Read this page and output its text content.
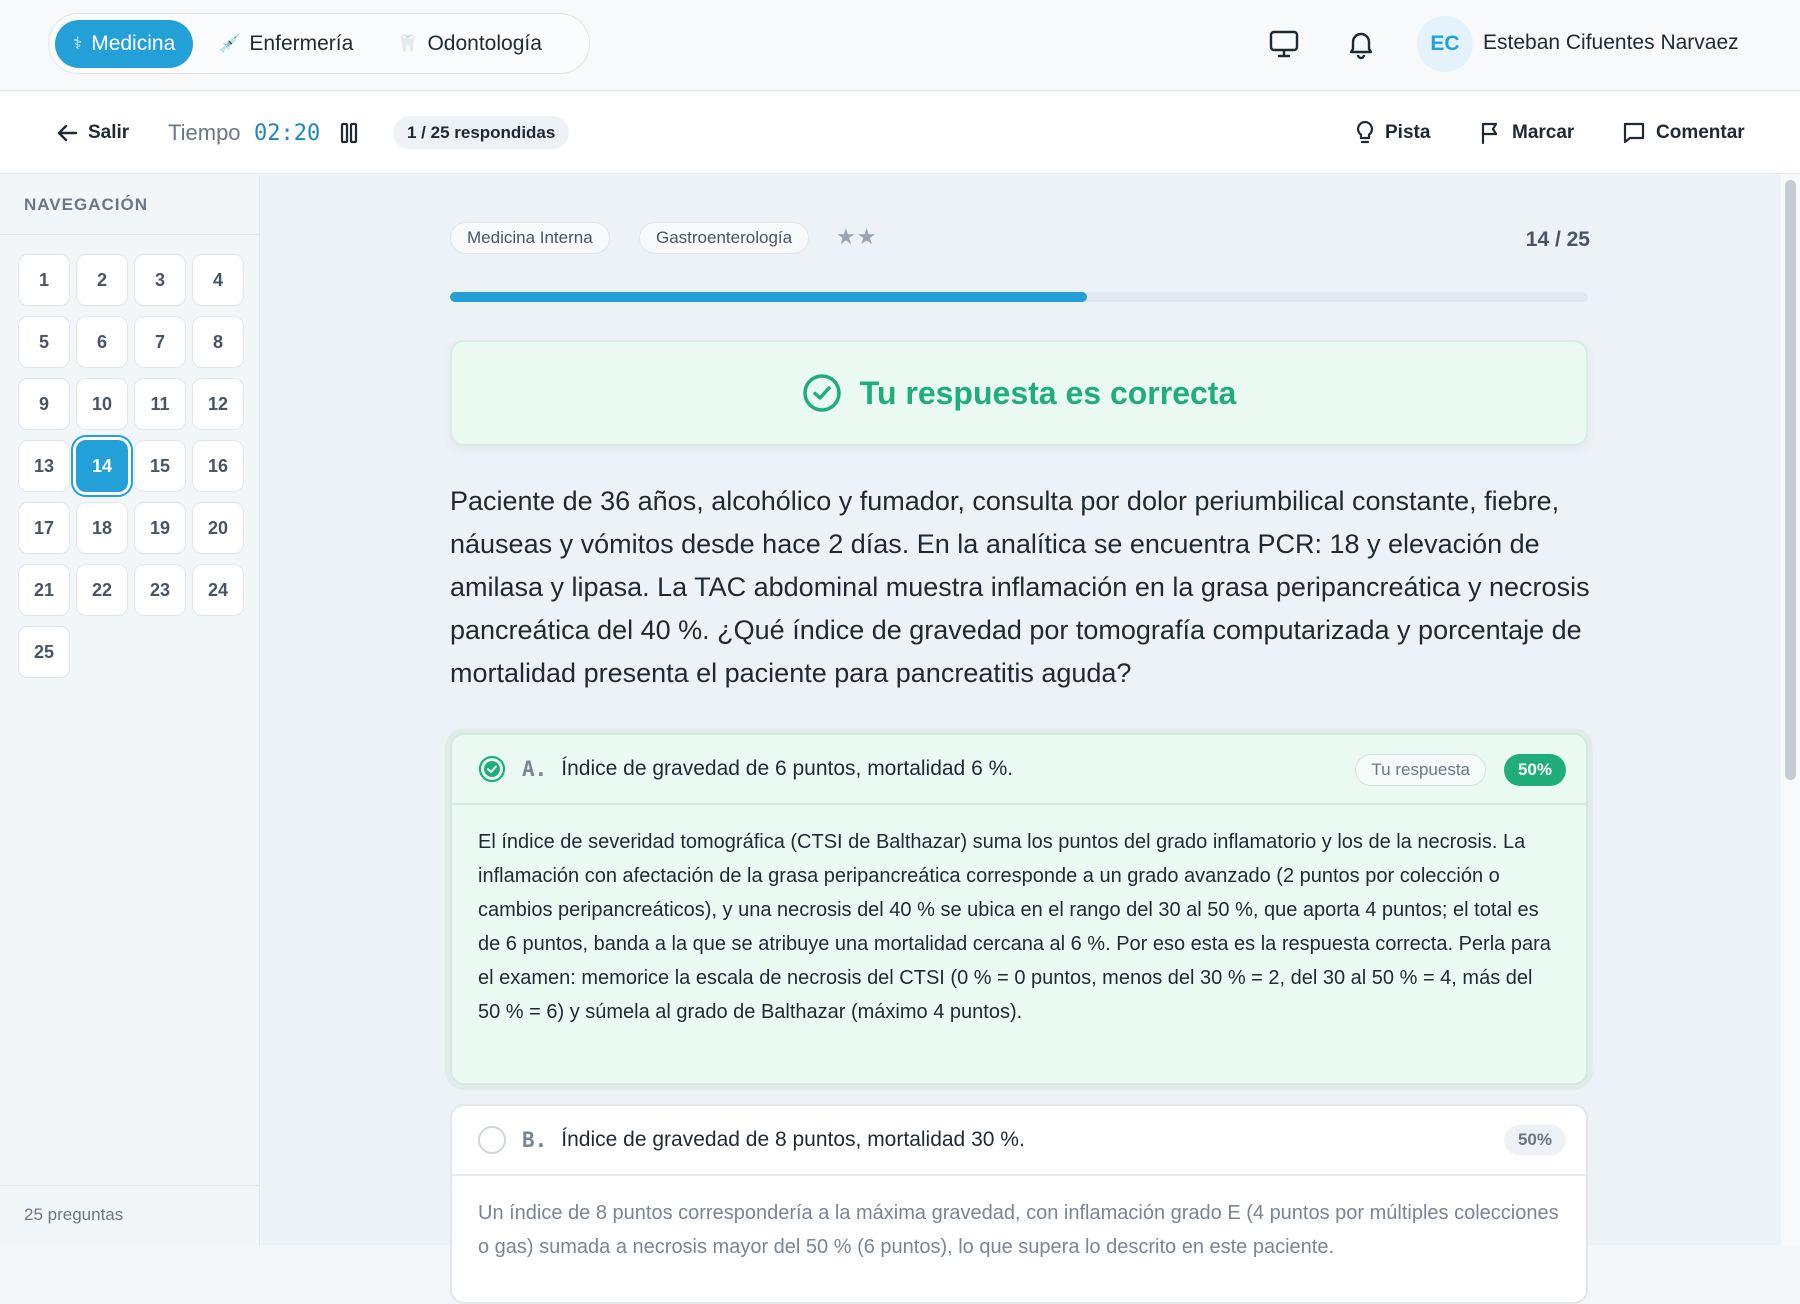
⚕ Medicina	💉 Enfermería	🦷 Odontología	EC	Esteban Cifuentes Narvaez
Salir Tiempo 02:20	1 / 25 respondidas	Pista	Marcar	Comentar
NAVEGACIÓN
1	2	3	4
5	6	7	8
9	10	11	12
13	14	15	16
17	18	19	20
21	22	23	24
25
25 preguntas
Medicina Interna	Gastroenterología	★★	14 / 25
Tu respuesta es correcta
Paciente de 36 años, alcohólico y fumador, consulta por dolor periumbilical constante, fiebre, náuseas y vómitos desde hace 2 días. En la analítica se encuentra PCR: 18 y elevación de amilasa y lipasa. La TAC abdominal muestra inflamación en la grasa peripancreática y necrosis pancreática del 40 %. ¿Qué índice de gravedad por tomografía computarizada y porcentaje de mortalidad presenta el paciente para pancreatitis aguda?
A. Índice de gravedad de 6 puntos, mortalidad 6 %.	Tu respuesta	50%
El índice de severidad tomográfica (CTSI de Balthazar) suma los puntos del grado inflamatorio y los de la necrosis. La inflamación con afectación de la grasa peripancreática corresponde a un grado avanzado (2 puntos por colección o cambios peripancreáticos), y una necrosis del 40 % se ubica en el rango del 30 al 50 %, que aporta 4 puntos; el total es de 6 puntos, banda a la que se atribuye una mortalidad cercana al 6 %. Por eso esta es la respuesta correcta. Perla para el examen: memorice la escala de necrosis del CTSI (0 % = 0 puntos, menos del 30 % = 2, del 30 al 50 % = 4, más del 50 % = 6) y súmela al grado de Balthazar (máximo 4 puntos).
B. Índice de gravedad de 8 puntos, mortalidad 30 %.	50%
Un índice de 8 puntos correspondería a la máxima gravedad, con inflamación grado E (4 puntos por múltiples colecciones o gas) sumada a necrosis mayor del 50 % (6 puntos), lo que supera lo descrito en este paciente.
